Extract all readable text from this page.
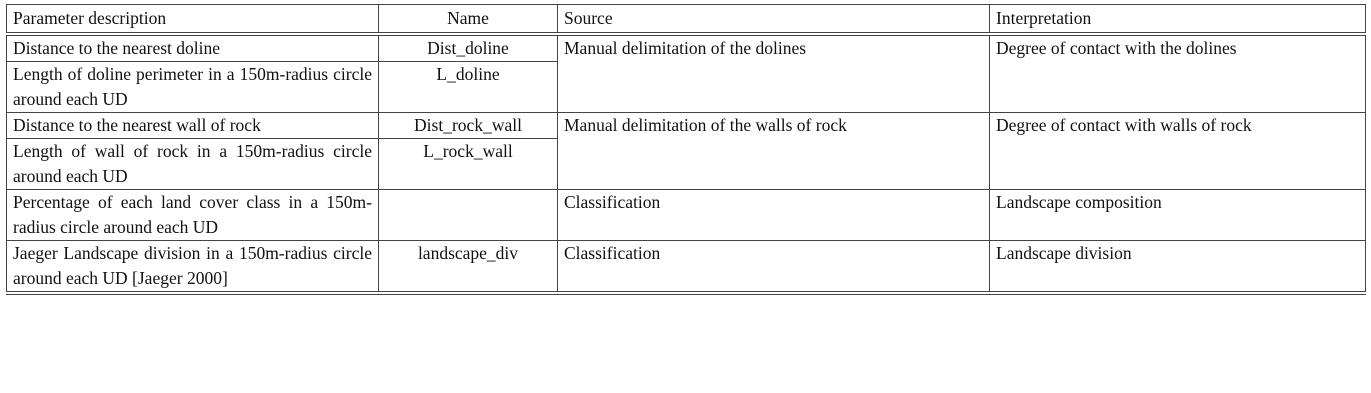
Parameter description	Name	Source	Interpretation
Distance to the nearest doline	Dist_doline	Manual delimitation of the dolines	Degree of contact with the dolines
Length of doline perimeter in a 150m-radius circle around each UD	L_doline		
Distance to the nearest wall of rock	Dist_rock_wall	Manual delimitation of the walls of rock	Degree of contact with walls of rock
Length of wall of rock in a 150m-radius circle around each UD	L_rock_wall		
Percentage of each land cover class in a 150m-radius circle around each UD		Classification	Landscape composition
Jaeger Landscape division in a 150m-radius circle around each UD [Jaeger 2000]	landscape_div	Classification	Landscape division
